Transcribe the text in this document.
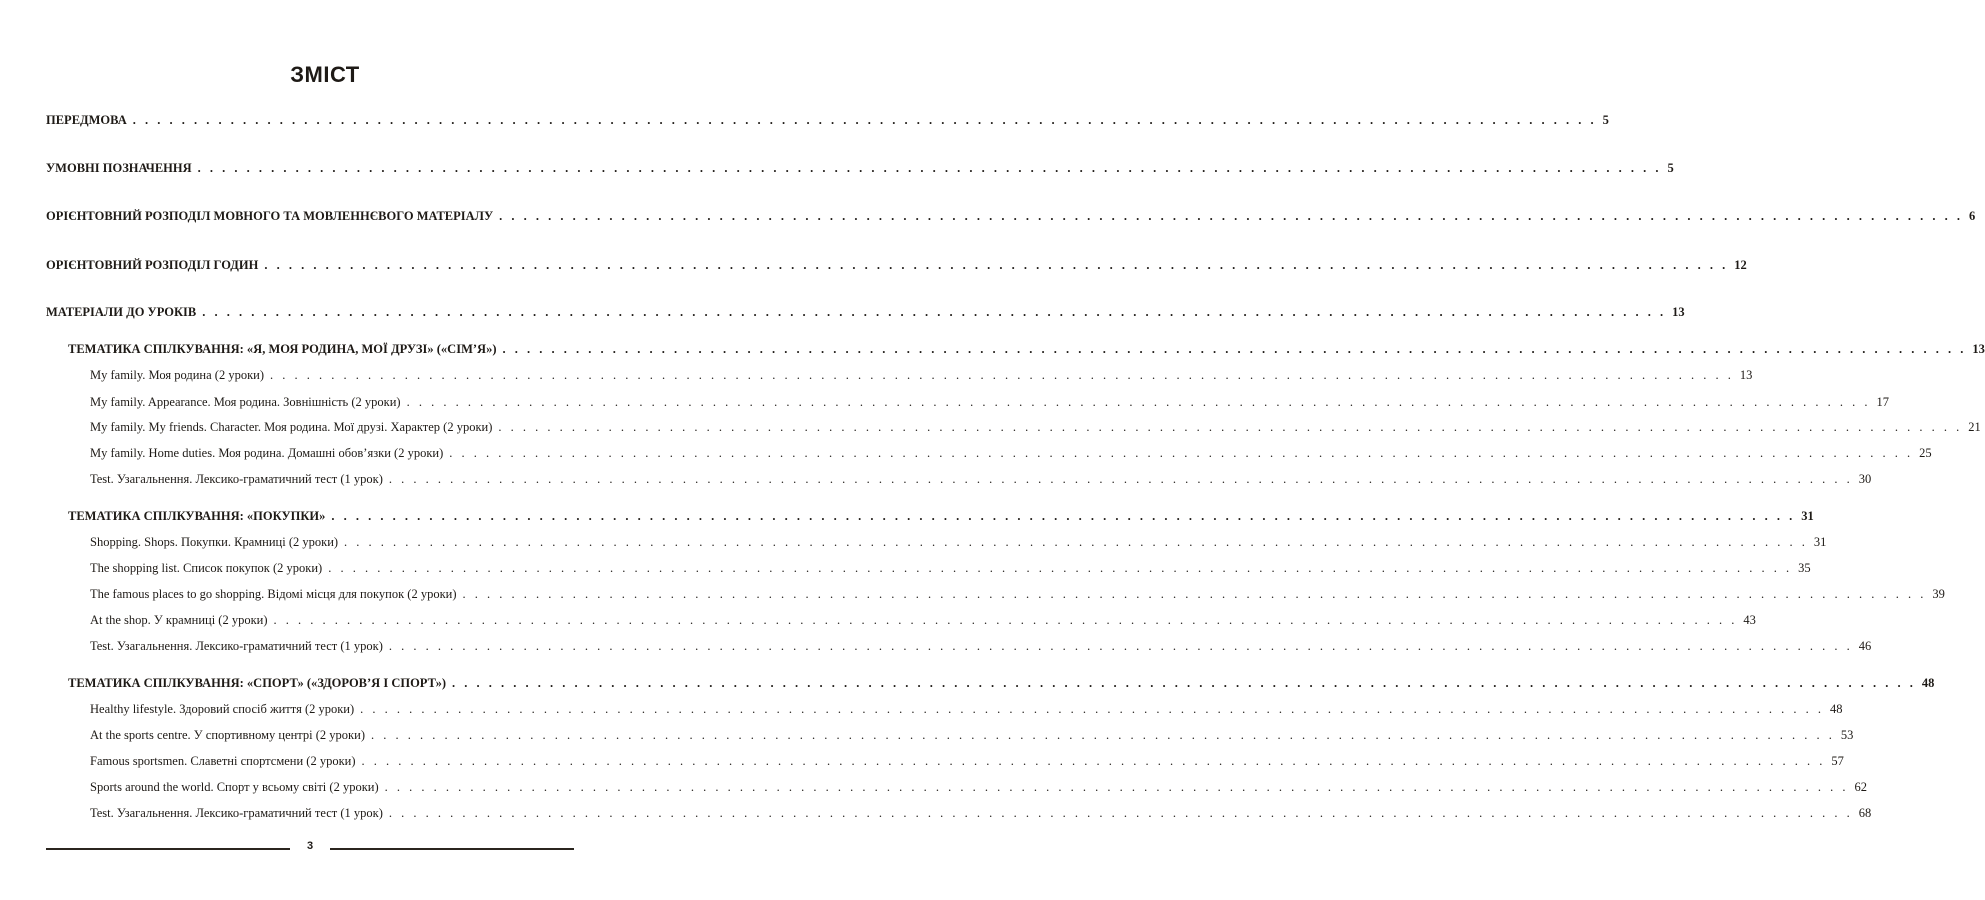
ЗМІСТ
ПЕРЕДМОВА . . . . . . . . . . . . . . . . . . . . . . . . . . . . . . . . . . . . . . . . . . . . . . . . . . . . . . . . . . . . . . . . . . . . . . . . . . . . . . . . . . . . . . . . . . . . . . . . . . . . . . . . . . . . . . . . . . . . . . . . 5
УМОВНІ ПОЗНАЧЕННЯ . . . . . . . . . . . . . . . . . . . . . . . . . . . . . . . . . . . . . . . . . . . . . . . . . . . . . . . . . . . . . . . . . . . . . . . . . . . . . . . . . . . . . . . . . . . . . . . . . . . . . . . . . . . . . . . . . . . . . . . . 5
ОРІЄНТОВНИЙ РОЗПОДІЛ МОВНОГО ТА МОВЛЕННЄВОГО МАТЕРІАЛУ . . . . . . . . . . . . . . . . . . . . . . . . . . . . . . . . . . . . . . . . . . . . . . . . . . . . . . . . . . . . . . . . . . . . . . . . . . . . . . . . . . . . . . . . . . . . . . . . . . . . . . . . . . . . . . . . . . . . . . . . 6
ОРІЄНТОВНИЙ РОЗПОДІЛ ГОДИН . . . . . . . . . . . . . . . . . . . . . . . . . . . . . . . . . . . . . . . . . . . . . . . . . . . . . . . . . . . . . . . . . . . . . . . . . . . . . . . . . . . . . . . . . . . . . . . . . . . . . . . . . . . . . . . . . . . . . . . . 12
МАТЕРІАЛИ ДО УРОКІВ . . . . . . . . . . . . . . . . . . . . . . . . . . . . . . . . . . . . . . . . . . . . . . . . . . . . . . . . . . . . . . . . . . . . . . . . . . . . . . . . . . . . . . . . . . . . . . . . . . . . . . . . . . . . . . . . . . . . . . . . 13
ТЕМАТИКА СПІЛКУВАННЯ: «Я, МОЯ РОДИНА, МОЇ ДРУЗІ» («СІМ’Я») . . . . . . . . . . . . . . . . . . . . . . . . . . . . . . . . . . . . . . . . . . . . . . . . . . . . . . . . . . . . . . . . . . . . . . . . . . . . . . . . . . . . . . . . . . . . . . . . . . . . . . . . . . . . . . . . . . . . . . . . 13
My family. Моя родина (2 уроки) . . . . . . . . . . . . . . . . . . . . . . . . . . . . . . . . . . . . . . . . . . . . . . . . . . . . . . . . . . . . . . . . . . . . . . . . . . . . . . . . . . . . . . . . . . . . . . . . . . . . . . . . . . . . . . . . . . . . . . . . 13
My family. Appearance. Моя родина. Зовнішність (2 уроки) . . . . . . . . . . . . . . . . . . . . . . . . . . . . . . . . . . . . . . . . . . . . . . . . . . . . . . . . . . . . . . . . . . . . . . . . . . . . . . . . . . . . . . . . . . . . . . . . . . . . . . . . . . . . . . . . . . . . . . . . 17
My family. My friends. Character. Моя родина. Мої друзі. Характер (2 уроки) . . . . . . . . . . . . . . . . . . . . . . . . . . . . . . . . . . . . . . . . . . . . . . . . . . . . . . . . . . . . . . . . . . . . . . . . . . . . . . . . . . . . . . . . . . . . . . . . . . . . . . . . . . . . . . . . . . . . . . . . 21
My family. Home duties. Моя родина. Домашні обов’язки (2 уроки) . . . . . . . . . . . . . . . . . . . . . . . . . . . . . . . . . . . . . . . . . . . . . . . . . . . . . . . . . . . . . . . . . . . . . . . . . . . . . . . . . . . . . . . . . . . . . . . . . . . . . . . . . . . . . . . . . . . . . . . . 25
Test. Узагальнення. Лексико-граматичний тест (1 урок) . . . . . . . . . . . . . . . . . . . . . . . . . . . . . . . . . . . . . . . . . . . . . . . . . . . . . . . . . . . . . . . . . . . . . . . . . . . . . . . . . . . . . . . . . . . . . . . . . . . . . . . . . . . . . . . . . . . . . . . . 30
ТЕМАТИКА СПІЛКУВАННЯ: «ПОКУПКИ» . . . . . . . . . . . . . . . . . . . . . . . . . . . . . . . . . . . . . . . . . . . . . . . . . . . . . . . . . . . . . . . . . . . . . . . . . . . . . . . . . . . . . . . . . . . . . . . . . . . . . . . . . . . . . . . . . . . . . . . . 31
Shopping. Shops. Покупки. Крамниці (2 уроки) . . . . . . . . . . . . . . . . . . . . . . . . . . . . . . . . . . . . . . . . . . . . . . . . . . . . . . . . . . . . . . . . . . . . . . . . . . . . . . . . . . . . . . . . . . . . . . . . . . . . . . . . . . . . . . . . . . . . . . . . 31
The shopping list. Список покупок (2 уроки) . . . . . . . . . . . . . . . . . . . . . . . . . . . . . . . . . . . . . . . . . . . . . . . . . . . . . . . . . . . . . . . . . . . . . . . . . . . . . . . . . . . . . . . . . . . . . . . . . . . . . . . . . . . . . . . . . . . . . . . . 35
The famous places to go shopping. Відомі місця для покупок (2 уроки) . . . . . . . . . . . . . . . . . . . . . . . . . . . . . . . . . . . . . . . . . . . . . . . . . . . . . . . . . . . . . . . . . . . . . . . . . . . . . . . . . . . . . . . . . . . . . . . . . . . . . . . . . . . . . . . . . . . . . . . . 39
At the shop. У крамниці (2 уроки) . . . . . . . . . . . . . . . . . . . . . . . . . . . . . . . . . . . . . . . . . . . . . . . . . . . . . . . . . . . . . . . . . . . . . . . . . . . . . . . . . . . . . . . . . . . . . . . . . . . . . . . . . . . . . . . . . . . . . . . . 43
Test. Узагальнення. Лексико-граматичний тест (1 урок) . . . . . . . . . . . . . . . . . . . . . . . . . . . . . . . . . . . . . . . . . . . . . . . . . . . . . . . . . . . . . . . . . . . . . . . . . . . . . . . . . . . . . . . . . . . . . . . . . . . . . . . . . . . . . . . . . . . . . . . . 46
ТЕМАТИКА СПІЛКУВАННЯ: «СПОРТ» («ЗДОРОВ’Я І СПОРТ») . . . . . . . . . . . . . . . . . . . . . . . . . . . . . . . . . . . . . . . . . . . . . . . . . . . . . . . . . . . . . . . . . . . . . . . . . . . . . . . . . . . . . . . . . . . . . . . . . . . . . . . . . . . . . . . . . . . . . . . . 48
Healthy lifestyle. Здоровий спосіб життя (2 уроки) . . . . . . . . . . . . . . . . . . . . . . . . . . . . . . . . . . . . . . . . . . . . . . . . . . . . . . . . . . . . . . . . . . . . . . . . . . . . . . . . . . . . . . . . . . . . . . . . . . . . . . . . . . . . . . . . . . . . . . . . 48
At the sports centre. У спортивному центрі (2 уроки) . . . . . . . . . . . . . . . . . . . . . . . . . . . . . . . . . . . . . . . . . . . . . . . . . . . . . . . . . . . . . . . . . . . . . . . . . . . . . . . . . . . . . . . . . . . . . . . . . . . . . . . . . . . . . . . . . . . . . . . . 53
Famous sportsmen. Славетні спортсмени (2 уроки) . . . . . . . . . . . . . . . . . . . . . . . . . . . . . . . . . . . . . . . . . . . . . . . . . . . . . . . . . . . . . . . . . . . . . . . . . . . . . . . . . . . . . . . . . . . . . . . . . . . . . . . . . . . . . . . . . . . . . . . . 57
Sports around the world. Спорт у всьому світі (2 уроки) . . . . . . . . . . . . . . . . . . . . . . . . . . . . . . . . . . . . . . . . . . . . . . . . . . . . . . . . . . . . . . . . . . . . . . . . . . . . . . . . . . . . . . . . . . . . . . . . . . . . . . . . . . . . . . . . . . . . . . . . 62
Test. Узагальнення. Лексико-граматичний тест (1 урок) . . . . . . . . . . . . . . . . . . . . . . . . . . . . . . . . . . . . . . . . . . . . . . . . . . . . . . . . . . . . . . . . . . . . . . . . . . . . . . . . . . . . . . . . . . . . . . . . . . . . . . . . . . . . . . . . . . . . . . . . 68
3
